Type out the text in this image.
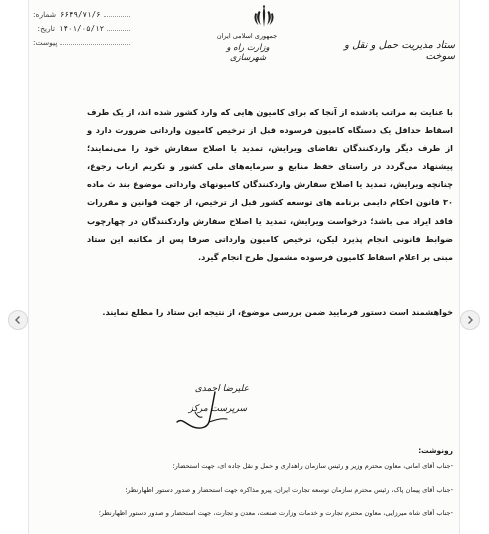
۶۶۴۹/۷۱/۶
شماره:
۱۴۰۱/۰۵/۱۲
تاریخ:
پیوست:
جمهوری اسلامی ایران
وزارت راه و شهرسازی
ستاد مدیریت حمل و نقل و سوخت
با عنایت به مراتب یادشده از آنجا که برای کامیون هایی که وارد کشور شده اند، از یک طرف اسقاط حداقل یک دستگاه کامیون فرسوده قبل از ترخیص کامیون وارداتی ضرورت دارد و از طرف دیگر واردکنندگان تقاضای ویرایش، تمدید یا اصلاح سفارش خود را می‌نمایند؛ پیشنهاد می‌گردد در راستای حفظ منابع و سرمایه‌های ملی کشور و تکریم ارباب رجوع، چنانچه ویرایش، تمدید یا اصلاح سفارش واردکنندگان کامیونهای وارداتی موضوع بند ث ماده ۳۰ قانون احکام دایمی برنامه های توسعه کشور قبل از ترخیص، از جهت قوانین و مقررات فاقد ایراد می باشد؛ درخواست ویرایش، تمدید یا اصلاح سفارش واردکنندگان در چهارچوب ضوابط قانونی انجام پذیرد لیکن، ترخیص کامیون وارداتی صرفا پس از مکاتبه این ستاد مبنی بر اعلام اسقاط کامیون فرسوده مشمول طرح انجام گیرد.
خواهشمند است دستور فرمایید ضمن بررسی موضوع، از نتیجه این ستاد را مطلع نمایند.
علیرضا احمدی
سرپرست مرکز
رونوشت:
-جناب آقای امانی، معاون محترم وزیر و رئیس سازمان راهداری و حمل و نقل جاده ای، جهت استحضار؛
-جناب آقای پیمان پاک، رئیس محترم سازمان توسعه تجارت ایران، پیرو مذاکره جهت استحضار و صدور دستور اظهارنظر؛
-جناب آقای شاه میرزایی، معاون محترم تجارت و خدمات وزارت صنعت، معدن و تجارت، جهت استحضار و صدور دستور اظهارنظر؛
